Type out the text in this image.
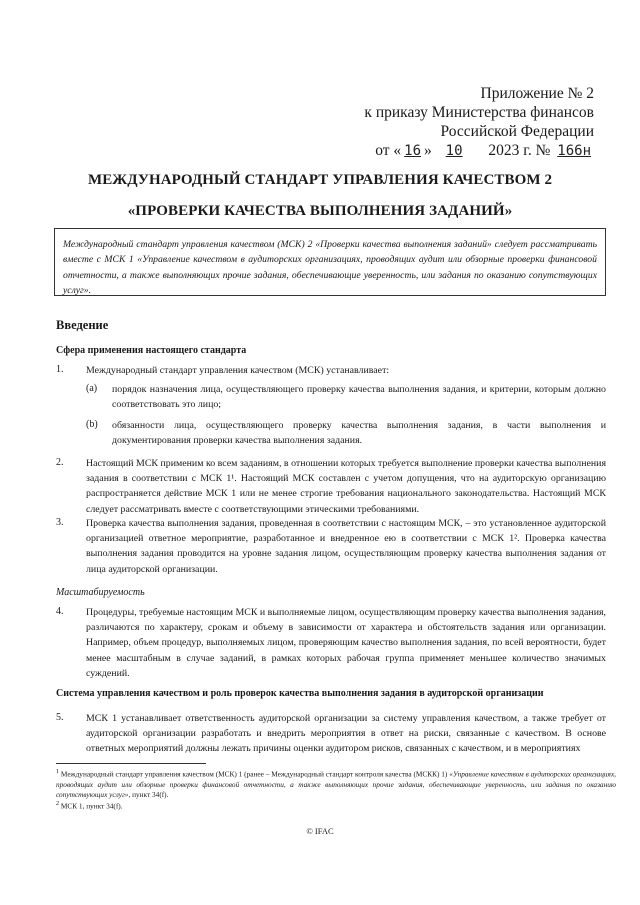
Приложение № 2
к приказу Министерства финансов
Российской Федерации
от « 16 » 10 2023 г. № 166н
МЕЖДУНАРОДНЫЙ СТАНДАРТ УПРАВЛЕНИЯ КАЧЕСТВОМ 2
«ПРОВЕРКИ КАЧЕСТВА ВЫПОЛНЕНИЯ ЗАДАНИЙ»
Международный стандарт управления качеством (МСК) 2 «Проверки качества выполнения заданий» следует рассматривать вместе с МСК 1 «Управление качеством в аудиторских организациях, проводящих аудит или обзорные проверки финансовой отчетности, а также выполняющих прочие задания, обеспечивающие уверенность, или задания по оказанию сопутствующих услуг».
Введение
Сфера применения настоящего стандарта
1. Международный стандарт управления качеством (МСК) устанавливает:
(a) порядок назначения лица, осуществляющего проверку качества выполнения задания, и критерии, которым должно соответствовать это лицо;
(b) обязанности лица, осуществляющего проверку качества выполнения задания, в части выполнения и документирования проверки качества выполнения задания.
2. Настоящий МСК применим ко всем заданиям, в отношении которых требуется выполнение проверки качества выполнения задания в соответствии с МСК 1¹. Настоящий МСК составлен с учетом допущения, что на аудиторскую организацию распространяется действие МСК 1 или не менее строгие требования национального законодательства. Настоящий МСК следует рассматривать вместе с соответствующими этическими требованиями.
3. Проверка качества выполнения задания, проведенная в соответствии с настоящим МСК, – это установленное аудиторской организацией ответное мероприятие, разработанное и внедренное ею в соответствии с МСК 1². Проверка качества выполнения задания проводится на уровне задания лицом, осуществляющим проверку качества выполнения задания от лица аудиторской организации.
Масштабируемость
4. Процедуры, требуемые настоящим МСК и выполняемые лицом, осуществляющим проверку качества выполнения задания, различаются по характеру, срокам и объему в зависимости от характера и обстоятельств задания или организации. Например, объем процедур, выполняемых лицом, проверяющим качество выполнения задания, по всей вероятности, будет менее масштабным в случае заданий, в рамках которых рабочая группа применяет меньшее количество значимых суждений.
Система управления качеством и роль проверок качества выполнения задания в аудиторской организации
5. МСК 1 устанавливает ответственность аудиторской организации за систему управления качеством, а также требует от аудиторской организации разработать и внедрить мероприятия в ответ на риски, связанные с качеством. В основе ответных мероприятий должны лежать причины оценки аудитором рисков, связанных с качеством, и в мероприятиях
$^1$ Международный стандарт управления качеством (МСК) 1 (ранее – Международный стандарт контроля качества (МСКК) 1) «Управление качеством в аудиторских организациях, проводящих аудит или обзорные проверки финансовой отчетности, а также выполняющих прочие задания, обеспечивающие уверенность, или задания по оказанию сопутствующих услуг», пункт 34(f).
$^2$ МСК 1, пункт 34(f).
© IFAC
